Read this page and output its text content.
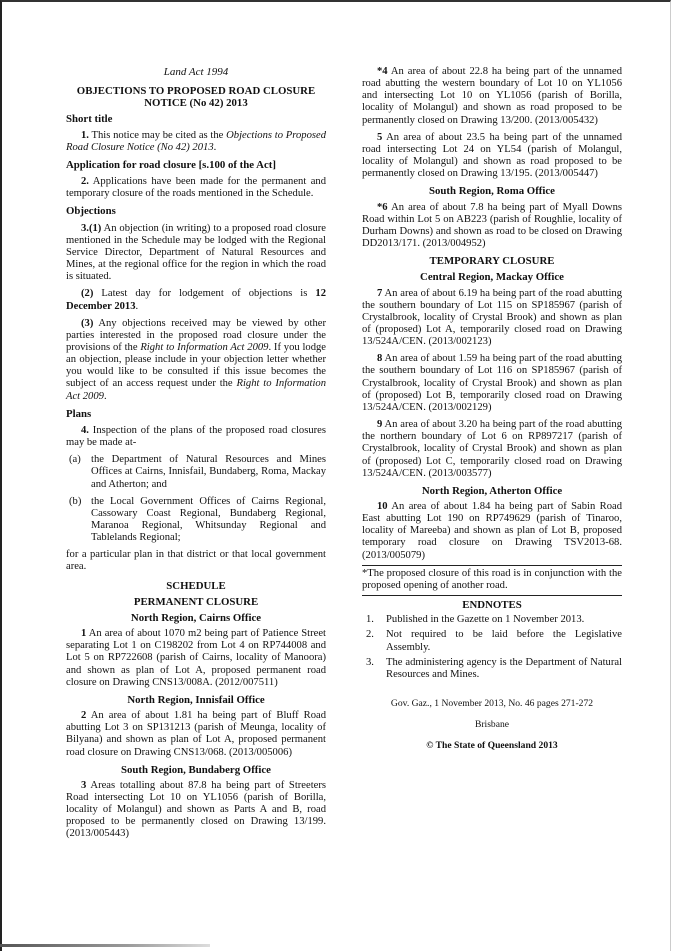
Land Act 1994

OBJECTIONS TO PROPOSED ROAD CLOSURE

NOTICE (No 42) 2013

Short title

1. This notice may be cited as the Objections to Proposed Road Closure Notice (No 42) 2013.

Application for road closure [s.100 of the Act]

2. Applications have been made for the permanent and temporary closure of the roads mentioned in the Schedule.

Objections

3.(1) An objection (in writing) to a proposed road closure mentioned in the Schedule may be lodged with the Regional Service Director, Department of Natural Resources and Mines, at the regional office for the region in which the road is situated.

(2) Latest day for lodgement of objections is 12 December 2013.

(3) Any objections received may be viewed by other parties interested in the proposed road closure under the provisions of the Right to Information Act 2009. If you lodge an objection, please include in your objection letter whether you would like to be consulted if this issue becomes the subject of an access request under the Right to Information Act 2009.

Plans

4. Inspection of the plans of the proposed road closures may be made at-

(a) the Department of Natural Resources and Mines Offices at Cairns, Innisfail, Bundaberg, Roma, Mackay and Atherton; and
(b) the Local Government Offices of Cairns Regional, Cassowary Coast Regional, Bundaberg Regional, Maranoa Regional, Whitsunday Regional and Tablelands Regional;

for a particular plan in that district or that local government area.

SCHEDULE

PERMANENT CLOSURE

North Region, Cairns Office

1 An area of about 1070 m2 being part of Patience Street separating Lot 1 on C198202 from Lot 4 on RP744008 and Lot 5 on RP722608 (parish of Cairns, locality of Manoora) and shown as plan of Lot A, proposed permanent road closure on Drawing CNS13/008A. (2012/007511)

North Region, Innisfail Office

2 An area of about 1.81 ha being part of Bluff Road abutting Lot 3 on SP131213 (parish of Meunga, locality of Bilyana) and shown as plan of Lot A, proposed permanent road closure on Drawing CNS13/068. (2013/005006)

South Region, Bundaberg Office

3 Areas totalling about 87.8 ha being part of Streeters Road intersecting Lot 10 on YL1056 (parish of Borilla, locality of Molangul) and shown as Parts A and B, road proposed to be permanently closed on Drawing 13/199. (2013/005443)

*4 An area of about 22.8 ha being part of the unnamed road abutting the western boundary of Lot 10 on YL1056 and intersecting Lot 10 on YL1056 (parish of Borilla, locality of Molangul) and shown as road proposed to be permanently closed on Drawing 13/200. (2013/005432)

5 An area of about 23.5 ha being part of the unnamed road intersecting Lot 24 on YL54 (parish of Molangul, locality of Molangul) and shown as road proposed to be permanently closed on Drawing 13/195. (2013/005447)

South Region, Roma Office

*6 An area of about 7.8 ha being part of Myall Downs Road within Lot 5 on AB223 (parish of Roughlie, locality of Durham Downs) and shown as road to be closed on Drawing DD2013/171. (2013/004952)

TEMPORARY CLOSURE

Central Region, Mackay Office

7 An area of about 6.19 ha being part of the road abutting the southern boundary of Lot 115 on SP185967 (parish of Crystalbrook, locality of Crystal Brook) and shown as plan of (proposed) Lot A, temporarily closed road on Drawing 13/524A/CEN. (2013/002123)

8 An area of about 1.59 ha being part of the road abutting the southern boundary of Lot 116 on SP185967 (parish of Crystalbrook, locality of Crystal Brook) and shown as plan of (proposed) Lot B, temporarily closed road on Drawing 13/524A/CEN. (2013/002129)

9 An area of about 3.20 ha being part of the road abutting the northern boundary of Lot 6 on RP897217 (parish of Crystalbrook, locality of Crystal Brook) and shown as plan of (proposed) Lot C, temporarily closed road on Drawing 13/524A/CEN. (2013/003577)

North Region, Atherton Office

10 An area of about 1.84 ha being part of Sabin Road East abutting Lot 190 on RP749629 (parish of Tinaroo, locality of Mareeba) and shown as plan of Lot B, proposed temporary road closure on Drawing TSV2013-68. (2013/005079)

*The proposed closure of this road is in conjunction with the proposed opening of another road.

ENDNOTES

1.	Published in the Gazette on 1 November 2013.
2.	Not required to be laid before the Legislative Assembly.
3.	The administering agency is the Department of Natural Resources and Mines.

Gov. Gaz., 1 November 2013, No. 46 pages 271-272

Brisbane

© The State of Queensland 2013
